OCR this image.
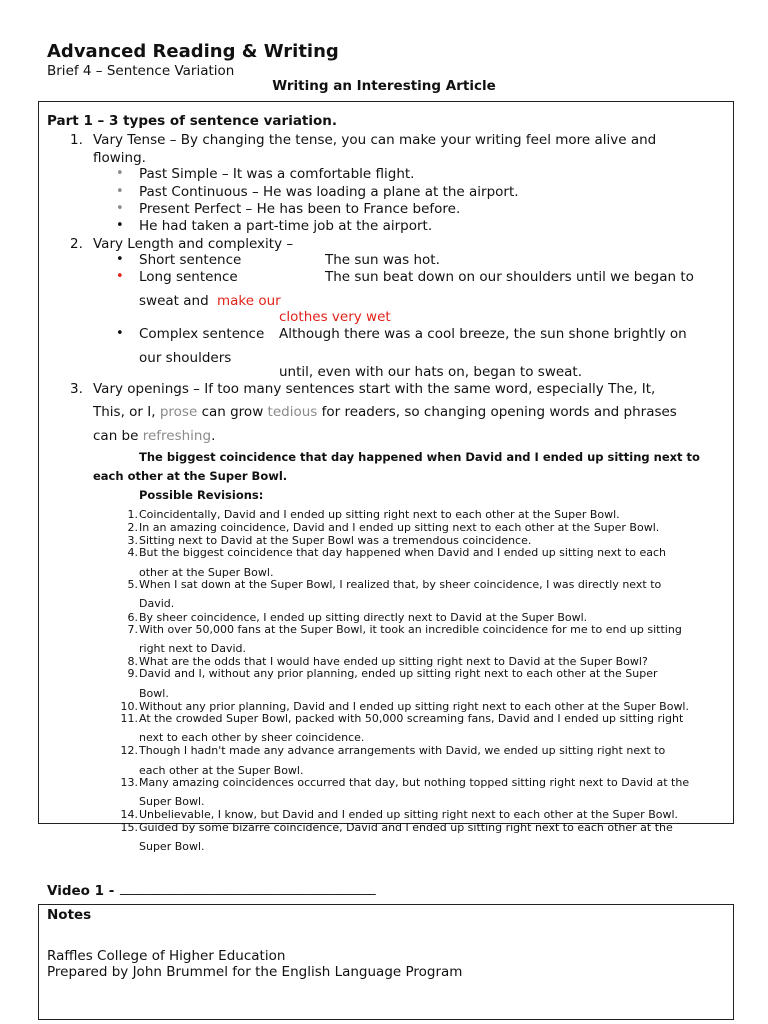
Advanced Reading & Writing
Brief 4 – Sentence Variation
Writing an Interesting Article
Part 1 – 3 types of sentence variation.
1. Vary Tense – By changing the tense, you can make your writing feel more alive and
flowing.
• Past Simple – It was a comfortable flight.
• Past Continuous – He was loading a plane at the airport.
• Present Perfect – He has been to France before.
• He had taken a part-time job at the airport.
2. Vary Length and complexity –
• Short sentence	The sun was hot.
• Long sentence	The sun beat down on our shoulders until we began to
sweat and make our
clothes very wet
• Complex sentence Although there was a cool breeze, the sun shone brightly on
our shoulders
until, even with our hats on, began to sweat.
3. Vary openings – If too many sentences start with the same word, especially The, It,
This, or I, prose can grow tedious for readers, so changing opening words and phrases
can be refreshing.
The biggest coincidence that day happened when David and I ended up sitting next to
each other at the Super Bowl.
Possible Revisions:
1. Coincidentally, David and I ended up sitting right next to each other at the Super Bowl.
2. In an amazing coincidence, David and I ended up sitting next to each other at the Super Bowl.
3. Sitting next to David at the Super Bowl was a tremendous coincidence.
4. But the biggest coincidence that day happened when David and I ended up sitting next to each
other at the Super Bowl.
5. When I sat down at the Super Bowl, I realized that, by sheer coincidence, I was directly next to
David.
6. By sheer coincidence, I ended up sitting directly next to David at the Super Bowl.
7. With over 50,000 fans at the Super Bowl, it took an incredible coincidence for me to end up sitting
right next to David.
8. What are the odds that I would have ended up sitting right next to David at the Super Bowl?
9. David and I, without any prior planning, ended up sitting right next to each other at the Super
Bowl.
10. Without any prior planning, David and I ended up sitting right next to each other at the Super Bowl.
11. At the crowded Super Bowl, packed with 50,000 screaming fans, David and I ended up sitting right
next to each other by sheer coincidence.
12. Though I hadn't made any advance arrangements with David, we ended up sitting right next to
each other at the Super Bowl.
13. Many amazing coincidences occurred that day, but nothing topped sitting right next to David at the
Super Bowl.
14. Unbelievable, I know, but David and I ended up sitting right next to each other at the Super Bowl.
15. Guided by some bizarre coincidence, David and I ended up sitting right next to each other at the
Super Bowl.
Video 1 - _______________________________________
Notes
Raffles College of Higher Education
Prepared by John Brummel for the English Language Program
